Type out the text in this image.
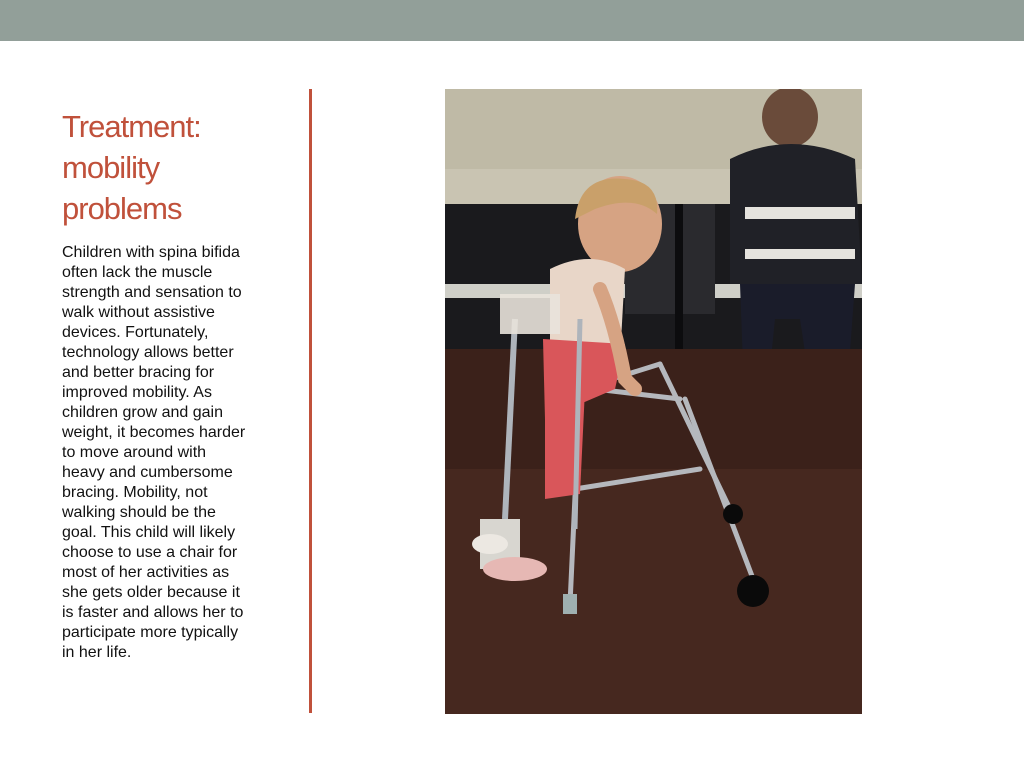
Treatment:
mobility
problems

Children with spina bifida
often lack the muscle
strength and sensation to
walk without assistive
devices. Fortunately,
technology allows better
and better bracing for
improved mobility. As
children grow and gain
weight, it becomes harder
to move around with
heavy and cumbersome
bracing. Mobility, not
walking should be the
goal. This child will likely
choose to use a chair for
most of her activities as
she gets older because it
is faster and allows her to
participate more typically
in her life.
